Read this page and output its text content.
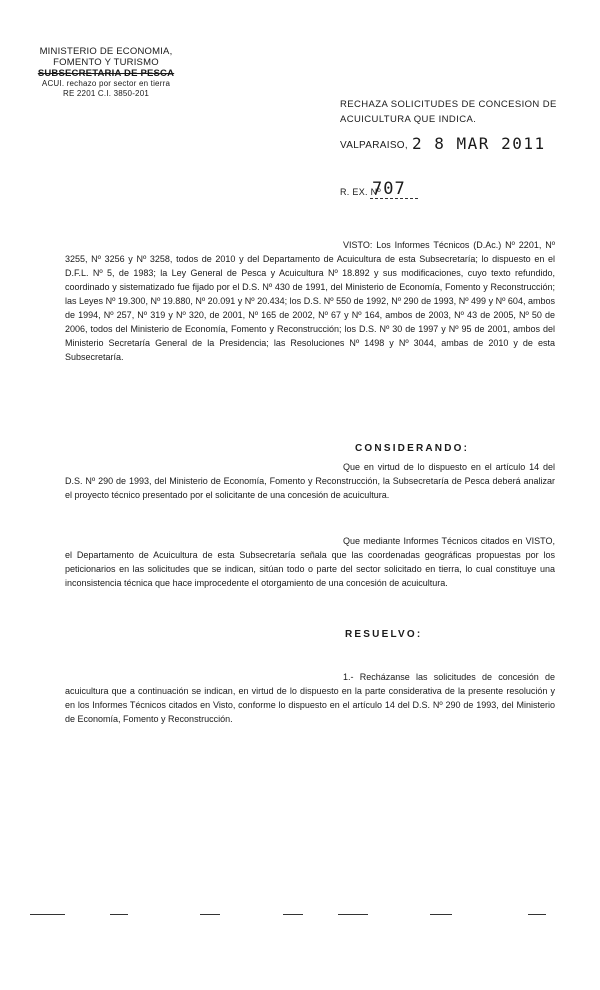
MINISTERIO DE ECONOMIA,
FOMENTO Y TURISMO
SUBSECRETARIA DE PESCA
ACUI. rechazo por sector en tierra
RE 2201 C.I. 3850-201
RECHAZA SOLICITUDES DE CONCESION DE ACUICULTURA QUE INDICA.
VALPARAISO, 2 8 MAR 2011
R. EX. Nº
707
VISTO: Los Informes Técnicos (D.Ac.) Nº 2201, Nº 3255, Nº 3256 y Nº 3258, todos de 2010 y del Departamento de Acuicultura de esta Subsecretaría; lo dispuesto en el D.F.L. Nº 5, de 1983; la Ley General de Pesca y Acuicultura Nº 18.892 y sus modificaciones, cuyo texto refundido, coordinado y sistematizado fue fijado por el D.S. Nº 430 de 1991, del Ministerio de Economía, Fomento y Reconstrucción; las Leyes Nº 19.300, Nº 19.880, Nº 20.091 y Nº 20.434; los D.S. Nº 550 de 1992, Nº 290 de 1993, Nº 499 y Nº 604, ambos de 1994, Nº 257, Nº 319 y Nº 320, de 2001, Nº 165 de 2002, Nº 67 y Nº 164, ambos de 2003, Nº 43 de 2005, Nº 50 de 2006, todos del Ministerio de Economía, Fomento y Reconstrucción; los D.S. Nº 30 de 1997 y Nº 95 de 2001, ambos del Ministerio Secretaría General de la Presidencia; las Resoluciones Nº 1498 y Nº 3044, ambas de 2010 y de esta Subsecretaría.
CONSIDERANDO:
Que en virtud de lo dispuesto en el artículo 14 del D.S. Nº 290 de 1993, del Ministerio de Economía, Fomento y Reconstrucción, la Subsecretaría de Pesca deberá analizar el proyecto técnico presentado por el solicitante de una concesión de acuicultura.
Que mediante Informes Técnicos citados en VISTO, el Departamento de Acuicultura de esta Subsecretaría señala que las coordenadas geográficas propuestas por los peticionarios en las solicitudes que se indican, sitúan todo o parte del sector solicitado en tierra, lo cual constituye una inconsistencia técnica que hace improcedente el otorgamiento de una concesión de acuicultura.
RESUELVO:
1.- Recházanse las solicitudes de concesión de acuicultura que a continuación se indican, en virtud de lo dispuesto en la parte considerativa de la presente resolución y en los Informes Técnicos citados en Visto, conforme lo dispuesto en el artículo 14 del D.S. Nº 290 de 1993, del Ministerio de Economía, Fomento y Reconstrucción.
